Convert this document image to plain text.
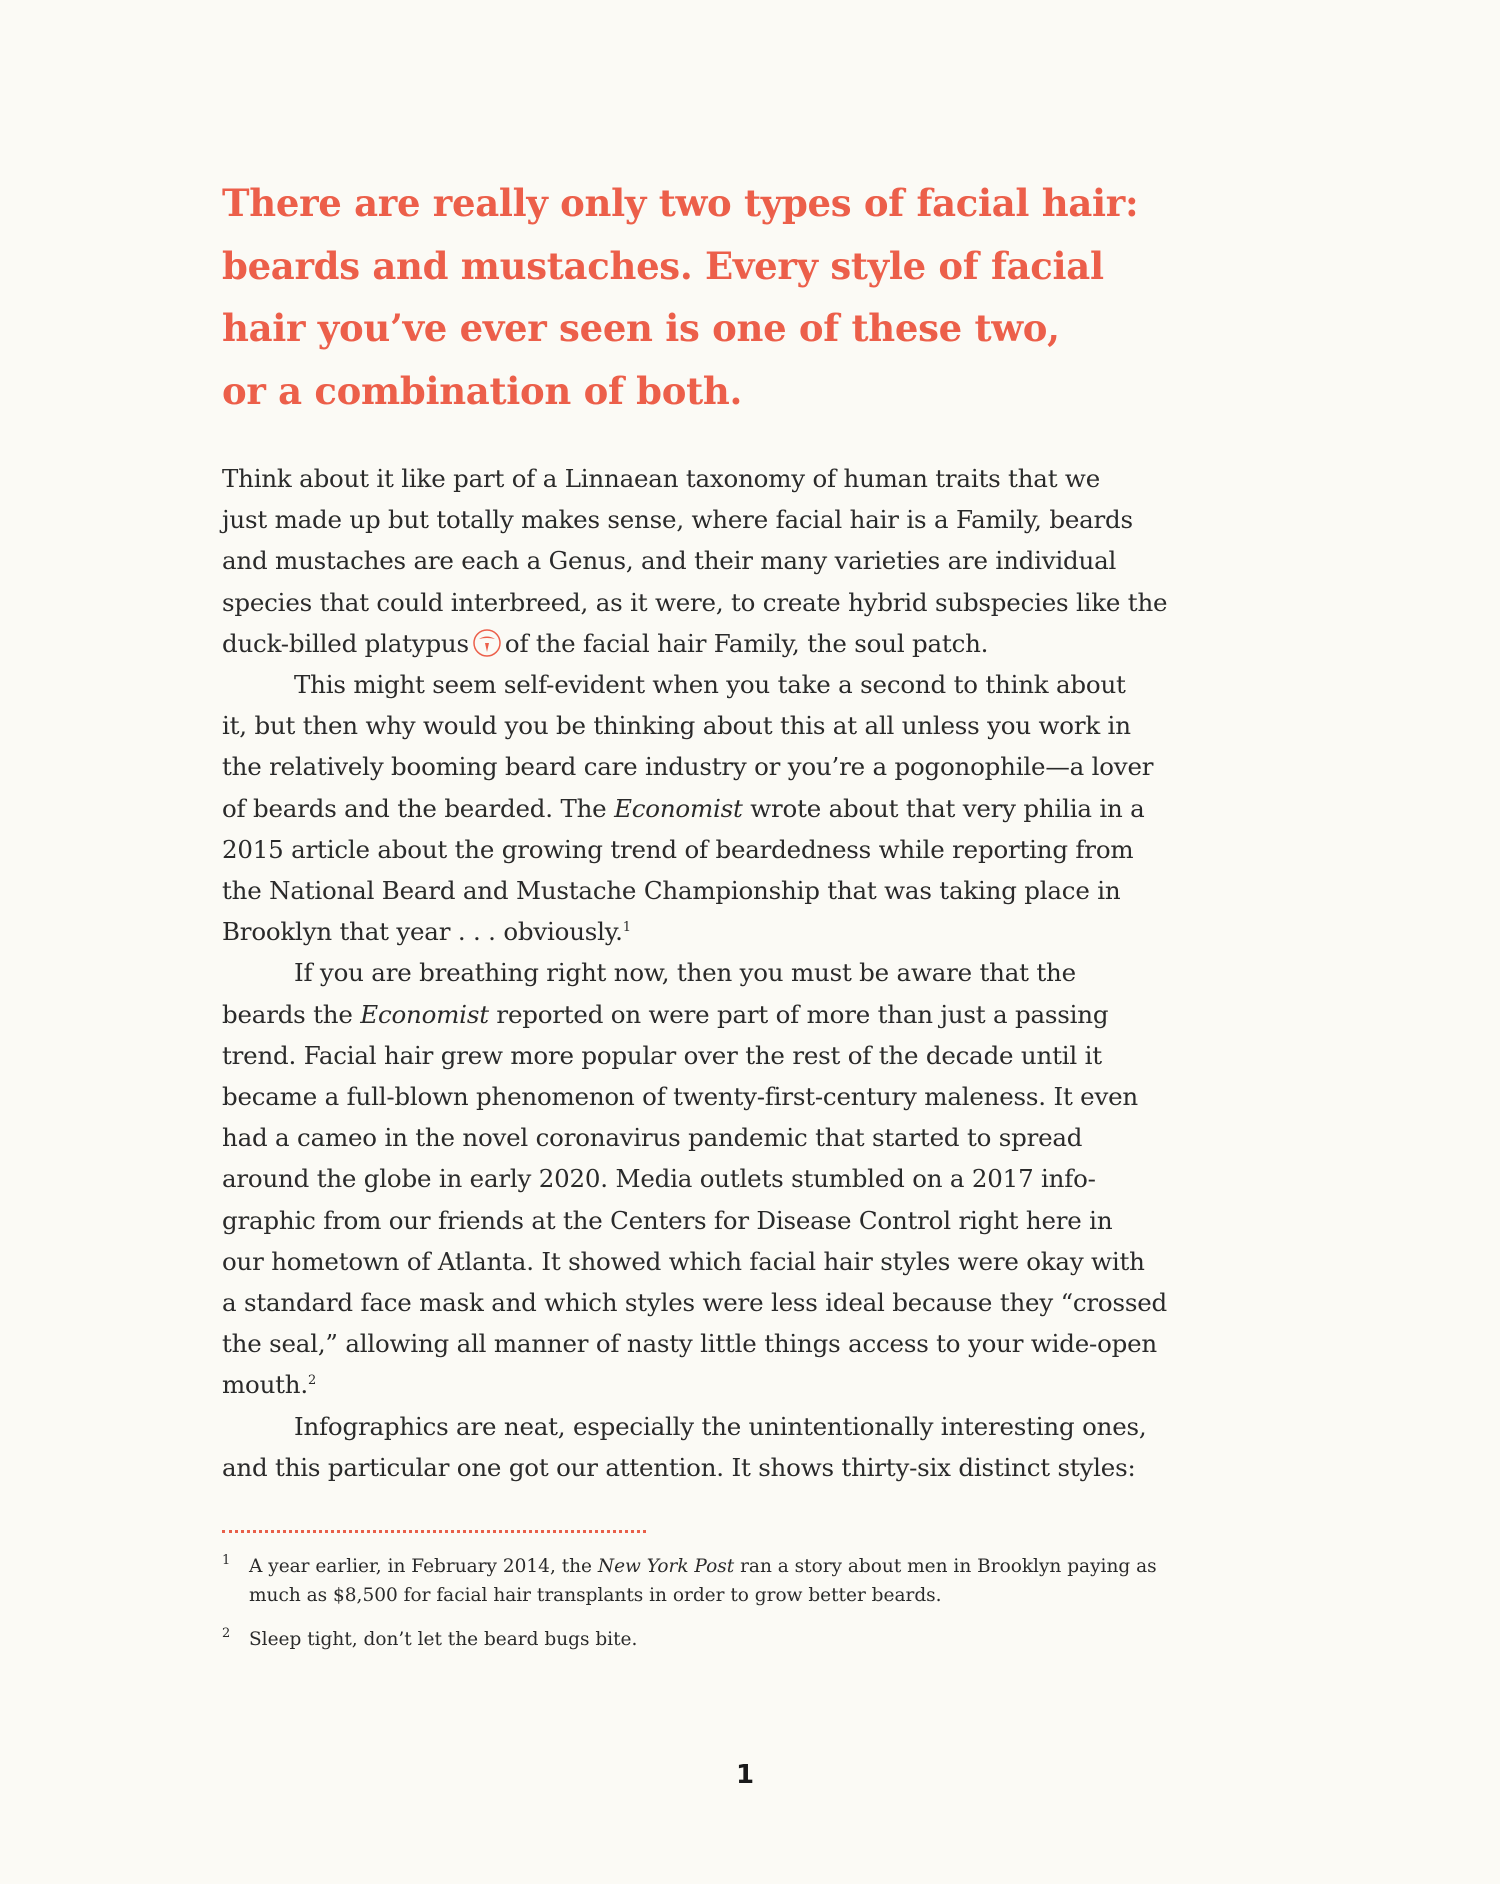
There are really only two types of facial hair:
beards and mustaches. Every style of facial
hair you’ve ever seen is one of these two,
or a combination of both.
Think about it like part of a Linnaean taxonomy of human traits that we
just made up but totally makes sense, where facial hair is a Family, beards
and mustaches are each a Genus, and their many varieties are individual
species that could interbreed, as it were, to create hybrid subspecies like the
duck-billed platypus of the facial hair Family, the soul patch.
This might seem self-evident when you take a second to think about
it, but then why would you be thinking about this at all unless you work in
the relatively booming beard care industry or you’re a pogonophile—a lover
of beards and the bearded. The Economist wrote about that very philia in a
2015 article about the growing trend of beardedness while reporting from
the National Beard and Mustache Championship that was taking place in
Brooklyn that year . . . obviously.$^1$
If you are breathing right now, then you must be aware that the
beards the Economist reported on were part of more than just a passing
trend. Facial hair grew more popular over the rest of the decade until it
became a full-blown phenomenon of twenty-first-century maleness. It even
had a cameo in the novel coronavirus pandemic that started to spread
around the globe in early 2020. Media outlets stumbled on a 2017 info-
graphic from our friends at the Centers for Disease Control right here in
our hometown of Atlanta. It showed which facial hair styles were okay with
a standard face mask and which styles were less ideal because they “crossed
the seal,” allowing all manner of nasty little things access to your wide-open
mouth.$^2$
Infographics are neat, especially the unintentionally interesting ones,
and this particular one got our attention. It shows thirty-six distinct styles:
1 A year earlier, in February 2014, the New York Post ran a story about men in Brooklyn paying as
much as $8,500 for facial hair transplants in order to grow better beards.
2 Sleep tight, don’t let the beard bugs bite.
1
